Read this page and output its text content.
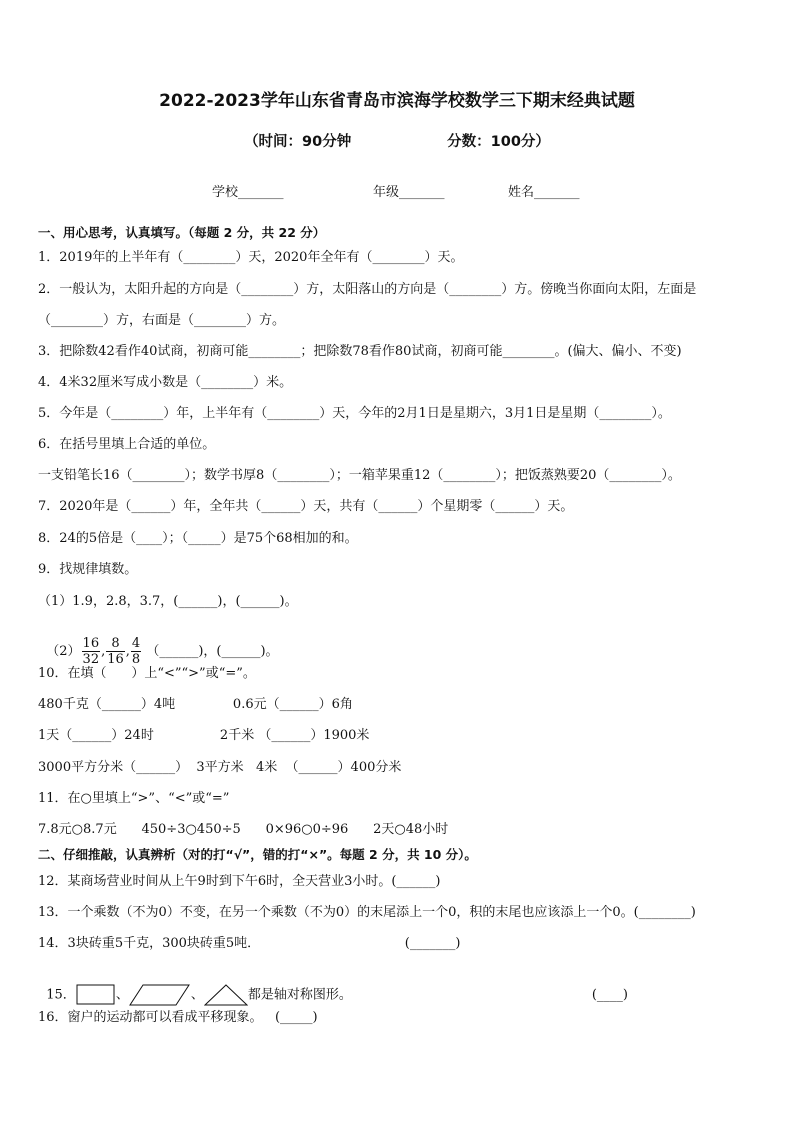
2022-2023学年山东省青岛市滨海学校数学三下期末经典试题
（时间：90分钟                   分数：100分）
学校_______	年级_______	姓名_______
一、用心思考，认真填写。（每题 2 分，共 22 分）
1．2019年的上半年有（________）天，2020年全年有（________）天。
2．一般认为，太阳升起的方向是（________）方，太阳落山的方向是（________）方。傍晚当你面向太阳，左面是
（________）方，右面是（________）方。
3．把除数42看作40试商，初商可能________；把除数78看作80试商，初商可能________。(偏大、偏小、不变)
4．4米32厘米写成小数是（________）米。
5．今年是（________）年，上半年有（________）天，今年的2月1日是星期六，3月1日是星期（________）。
6．在括号里填上合适的单位。
一支铅笔长16（________）；数学书厚8（________）；一箱苹果重12（________）；把饭蒸熟要20（________）。
7．2020年是（______）年，全年共（______）天，共有（______）个星期零（______）天。
8．24的5倍是（____）；（_____）是75个68相加的和。
9．找规律填数。
（1）1.9，2.8，3.7，(______)，(______)。

$(2) \frac{16}{32}$ , $\frac{8}{16}$ , $\frac{4}{8}$ （______)，(______)。

10．在填（      ）上“<”“>”或“=”。
480千克（______）4吨              0.6元（______）6角
1天（______）24时                2千米 （______）1900米
3000平方分米（______）  3平方米   4米  （______）400分米
11．在○里填上“>”、“<”或“=”
7.8元○8.7元      450÷3○450÷5      0×96○0÷96      2天○48小时
二、仔细推敲，认真辨析（对的打“√”，错的打“×”。每题 2 分，共 10 分）。
12．某商场营业时间从上午9时到下午6时，全天营业3小时。(______)
13．一个乘数（不为0）不变，在另一个乘数（不为0）的末尾添上一个0，积的末尾也应该添上一个0。(________)
14．3块砖重5千克，300块砖重5吨．                                   (_______)

15．	、	、	都是轴对称图形。	(____)

16．窗户的运动都可以看成平移现象。   (_____)
